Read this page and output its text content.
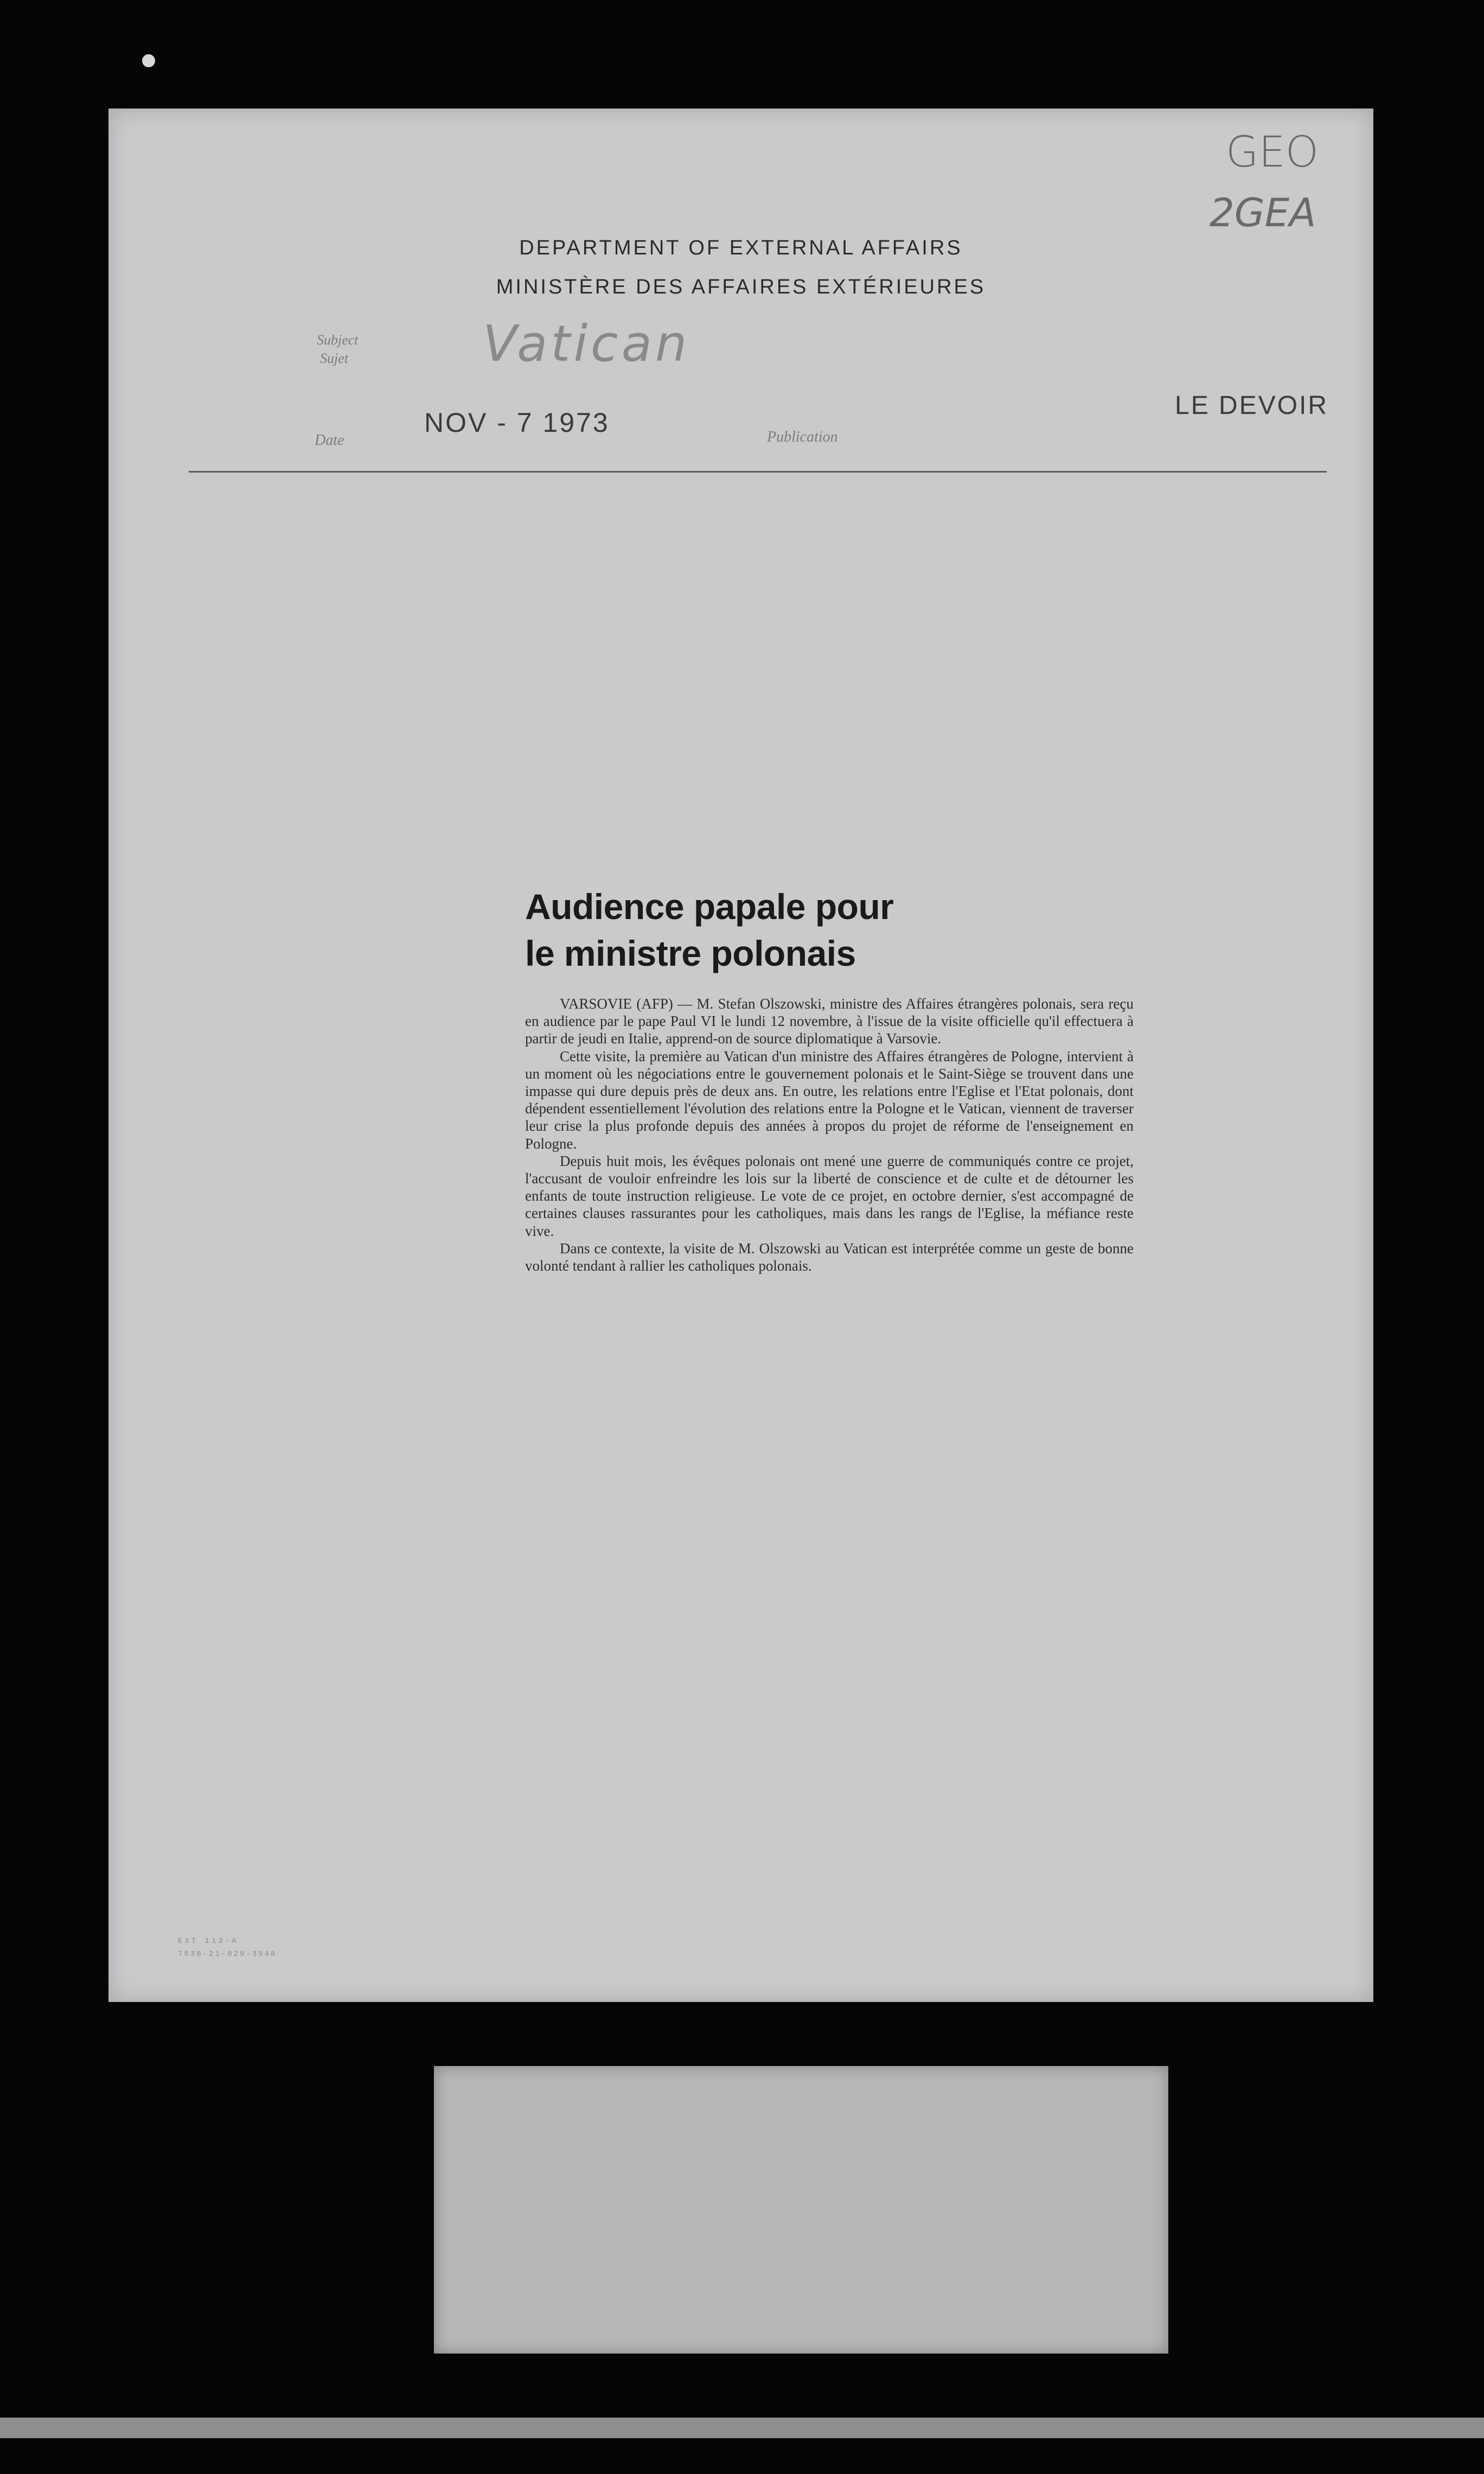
GEO
2GEA
DEPARTMENT OF EXTERNAL AFFAIRS
MINISTÈRE DES AFFAIRES EXTÉRIEURES
Subject
Sujet	Vatican
Date
NOV - 7 1973	Publication
LE DEVOIR
Audience papale pour
le ministre polonais

VARSOVIE (AFP) — M. Stefan Olszowski, ministre des Affaires étrangères polonais, sera reçu en audience par le pape Paul VI le lundi 12 novembre, à l'issue de la visite officielle qu'il effectuera à partir de jeudi en Italie, apprend-on de source diplomatique à Varsovie.

Cette visite, la première au Vatican d'un ministre des Affaires étrangères de Pologne, intervient à un moment où les négociations entre le gouvernement polonais et le Saint-Siège se trouvent dans une impasse qui dure depuis près de deux ans. En outre, les relations entre l'Eglise et l'Etat polonais, dont dépendent essentiellement l'évolution des relations entre la Pologne et le Vatican, viennent de traverser leur crise la plus profonde depuis des années à propos du projet de réforme de l'enseignement en Pologne.

Depuis huit mois, les évêques polonais ont mené une guerre de communiqués contre ce projet, l'accusant de vouloir enfreindre les lois sur la liberté de conscience et de culte et de détourner les enfants de toute instruction religieuse. Le vote de ce projet, en octobre dernier, s'est accompagné de certaines clauses rassurantes pour les catholiques, mais dans les rangs de l'Eglise, la méfiance reste vive.

Dans ce contexte, la visite de M. Olszowski au Vatican est interprétée comme un geste de bonne volonté tendant à rallier les catholiques polonais.

EXT 113-A
7530-21-029-3548
